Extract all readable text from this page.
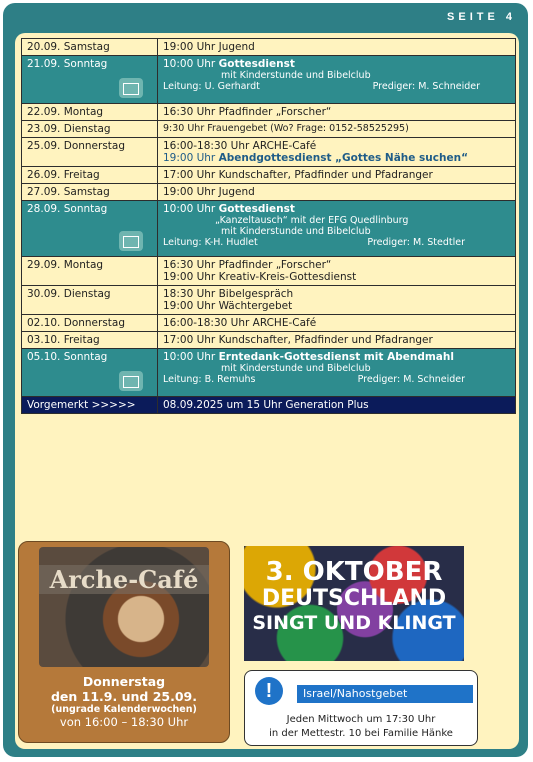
SEITE 4
20.09. Samstag	19:00 Uhr Jugend

21.09. Sonntag	10:00 Uhr Gottesdienst
mit Kinderstunde und Bibelclub
Leitung: U. Gerhardt Prediger: M. Schneider

22.09. Montag	16:30 Uhr Pfadfinder „Forscher“

23.09. Dienstag	9:30 Uhr Frauengebet (Wo? Frage: 0152-58525295)

25.09. Donnerstag	16:00-18:30 Uhr ARCHE-Café
19:00 Uhr Abendgottesdienst „Gottes Nähe suchen“

26.09. Freitag	17:00 Uhr Kundschafter, Pfadfinder und Pfadranger

27.09. Samstag	19:00 Uhr Jugend

28.09. Sonntag	10:00 Uhr Gottesdienst
„Kanzeltausch“ mit der EFG Quedlinburg
mit Kinderstunde und Bibelclub
Leitung: K-H. Hudlet Prediger: M. Stedtler

29.09. Montag	16:30 Uhr Pfadfinder „Forscher“
19:00 Uhr Kreativ-Kreis-Gottesdienst

30.09. Dienstag	18:30 Uhr Bibelgespräch
19:00 Uhr Wächtergebet

02.10. Donnerstag	16:00-18:30 Uhr ARCHE-Café

03.10. Freitag	17:00 Uhr Kundschafter, Pfadfinder und Pfadranger

05.10. Sonntag	10:00 Uhr Erntedank-Gottesdienst mit Abendmahl
mit Kinderstunde und Bibelclub
Leitung: B. Remuhs Prediger: M. Schneider

Vorgemerkt >>>>>	08.09.2025 um 15 Uhr Generation Plus
Arche-Café
Donnerstag
den 11.9. und 25.09.
(ungrade Kalenderwochen)
von 16:00 – 18:30 Uhr
3. OKTOBER
DEUTSCHLAND
SINGT UND KLINGT
!	Israel/Nahostgebet
Jeden Mittwoch um 17:30 Uhr
in der Mettestr. 10 bei Familie Hänke
